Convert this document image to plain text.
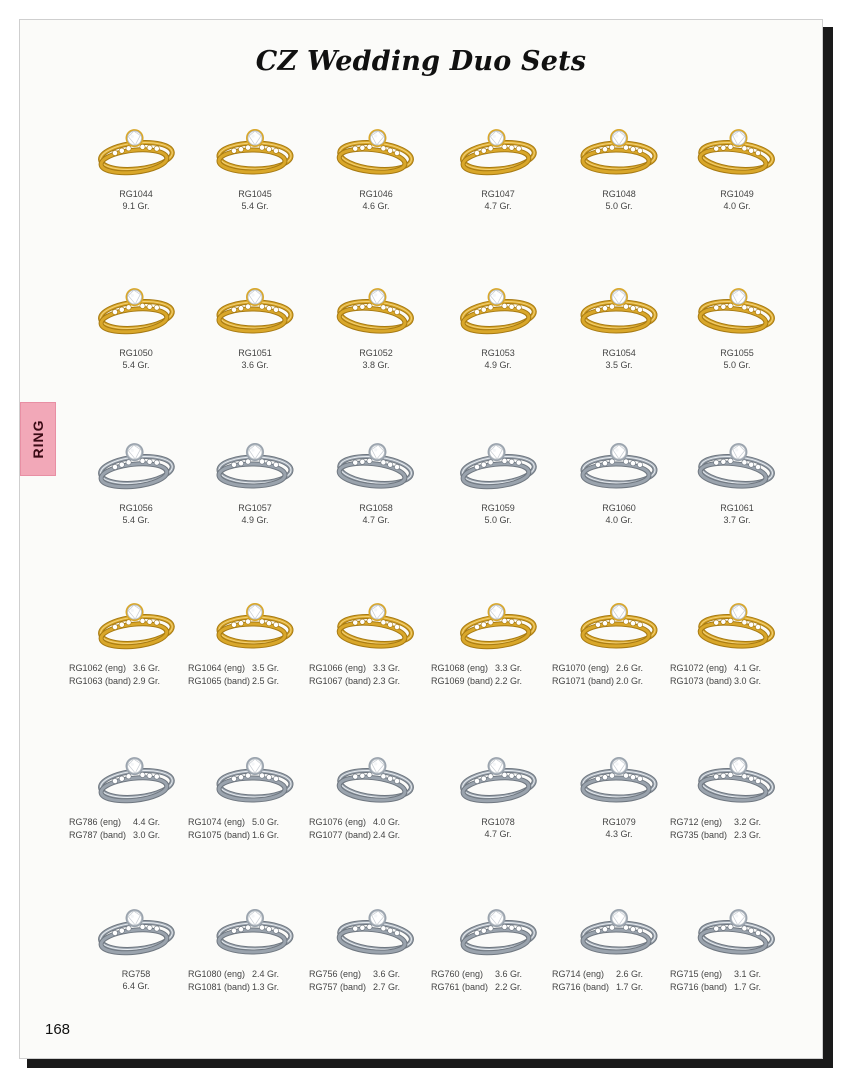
CZ Wedding Duo Sets
RING
168
RG1044
9.1 Gr.
RG1045
5.4 Gr.
RG1046
4.6 Gr.
RG1047
4.7 Gr.
RG1048
5.0 Gr.
RG1049
4.0 Gr.
RG1050
5.4 Gr.
RG1051
3.6 Gr.
RG1052
3.8 Gr.
RG1053
4.9 Gr.
RG1054
3.5 Gr.
RG1055
5.0 Gr.
RG1056
5.4 Gr.
RG1057
4.9 Gr.
RG1058
4.7 Gr.
RG1059
5.0 Gr.
RG1060
4.0 Gr.
RG1061
3.7 Gr.
RG1062 (eng) 3.6 Gr.
RG1063 (band) 2.9 Gr.
RG1064 (eng) 3.5 Gr.
RG1065 (band) 2.5 Gr.
RG1066 (eng) 3.3 Gr.
RG1067 (band) 2.3 Gr.
RG1068 (eng) 3.3 Gr.
RG1069 (band) 2.2 Gr.
RG1070 (eng) 2.6 Gr.
RG1071 (band) 2.0 Gr.
RG1072 (eng) 4.1 Gr.
RG1073 (band) 3.0 Gr.
RG786 (eng)	4.4 Gr.
RG787 (band) 3.0 Gr.
RG1074 (eng) 5.0 Gr.
RG1075 (band) 1.6 Gr.
RG1076 (eng) 4.0 Gr.
RG1077 (band) 2.4 Gr.
RG1078
4.7 Gr.
RG1079
4.3 Gr.
RG712 (eng)	3.2 Gr.
RG735 (band) 2.3 Gr.
RG758
6.4 Gr.
RG1080 (eng) 2.4 Gr.
RG1081 (band) 1.3 Gr.
RG756 (eng)	3.6 Gr.
RG757 (band) 2.7 Gr.
RG760 (eng)	3.6 Gr.
RG761 (band) 2.2 Gr.
RG714 (eng)	2.6 Gr.
RG716 (band) 1.7 Gr.
RG715 (eng)	3.1 Gr.
RG716 (band) 1.7 Gr.
